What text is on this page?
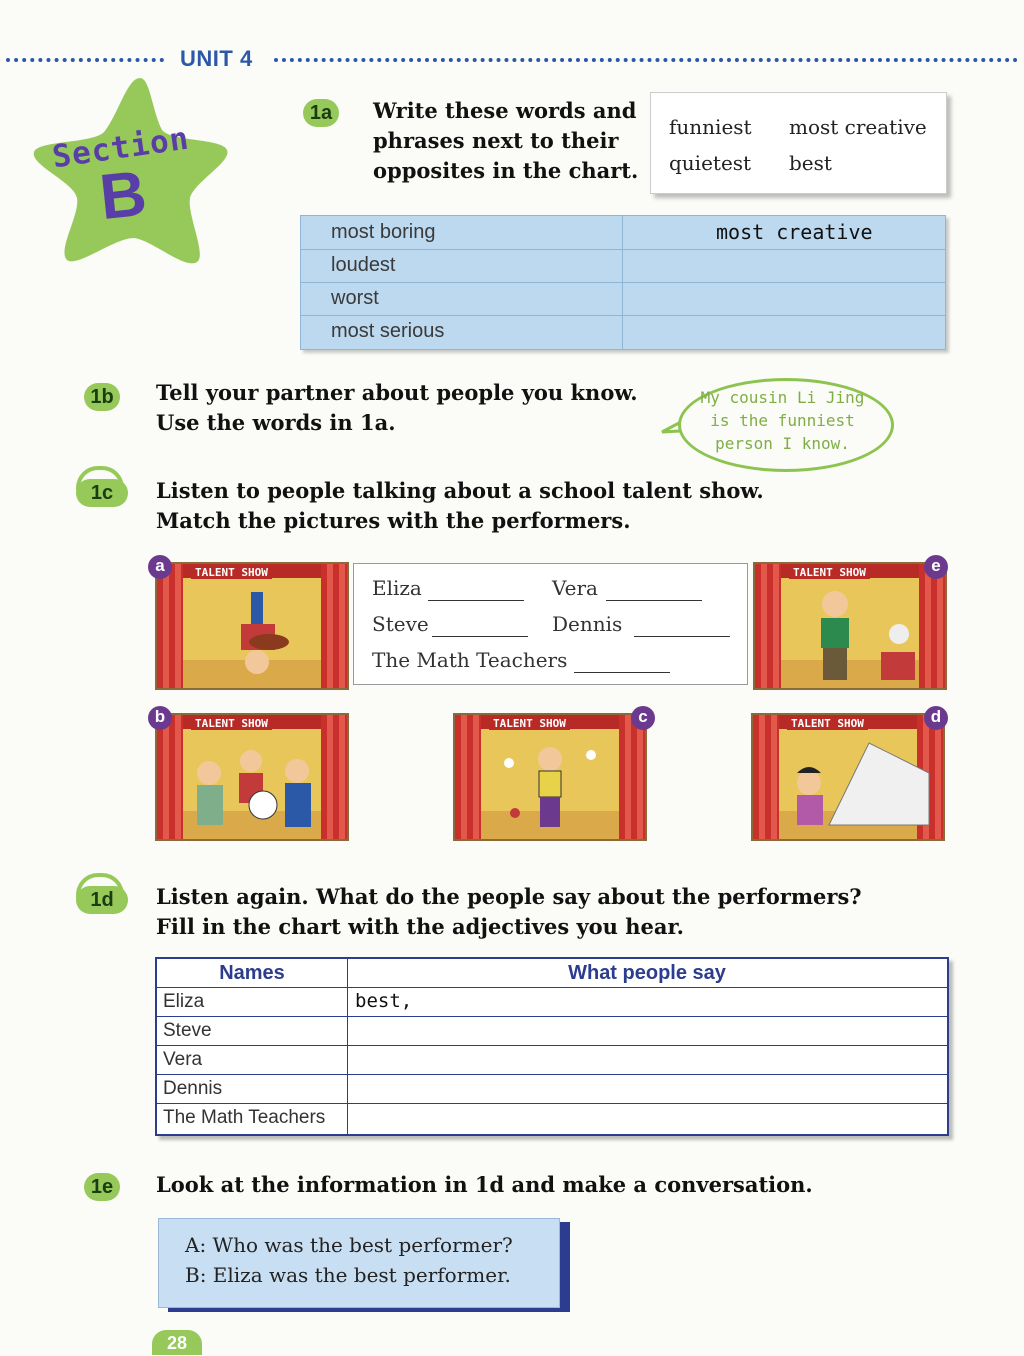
UNIT 4
Section
B
1a	Write these words and
phrases next to their
opposites in the chart.
funniest most creative
quietest best
most boring	most creative
loudest
worst
most serious
1b	Tell your partner about people you know.
Use the words in 1a.
My cousin Li Jing
is the funniest
person I know.
1c	Listen to people talking about a school talent show.
Match the pictures with the performers.
TALENT SHOW
a
Eliza	Vera
Steve	Dennis
The Math Teachers
TALENT SHOW	e
TALENT SHOW
b	TALENT SHOW	c	TALENT SHOW	d
1d	Listen again. What do the people say about the performers?
Fill in the chart with the adjectives you hear.
Names	What people say
Eliza	best,
Steve
Vera
Dennis
The Math Teachers
1e	Look at the information in 1d and make a conversation.
A: Who was the best performer?
B: Eliza was the best performer.
28
